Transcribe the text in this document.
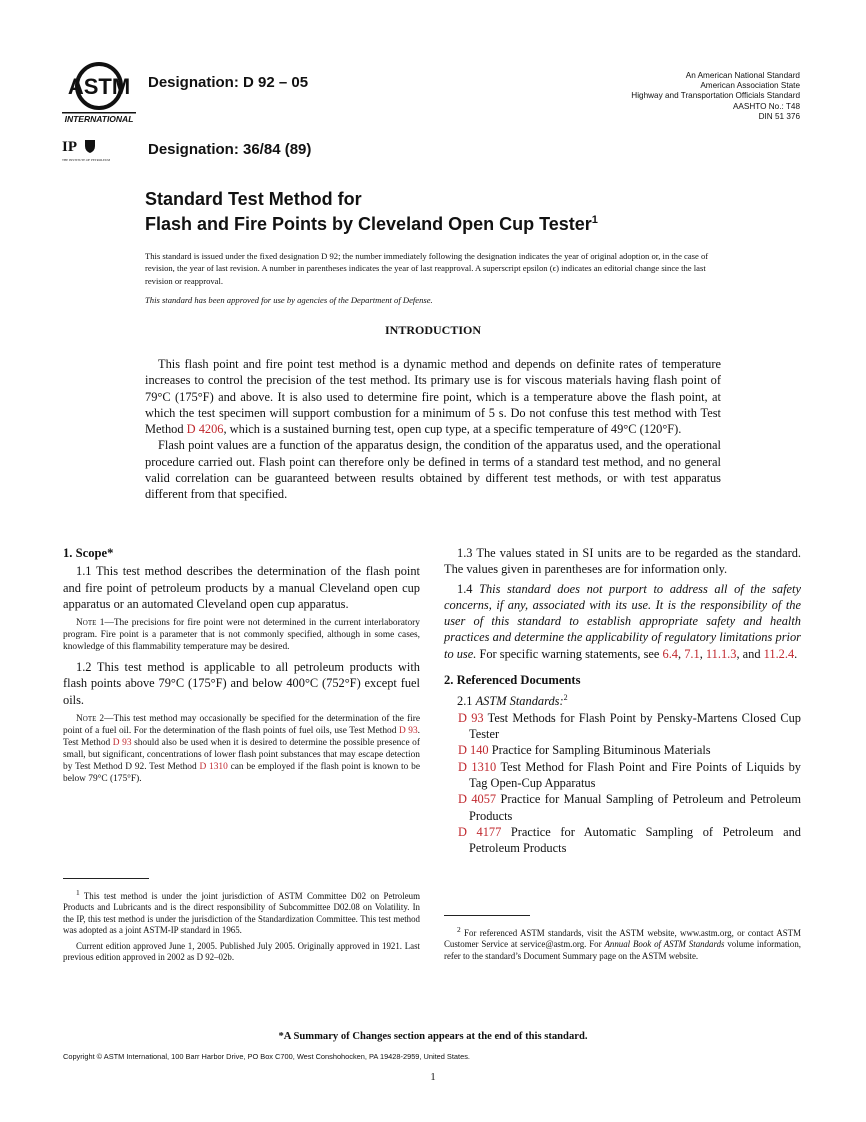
ASTM
INTERNATIONAL
IP
THE INSTITUTE OF PETROLEUM
Designation: D 92 – 05
Designation: 36/84 (89)
An American National Standard
American Association State
Highway and Transportation Officials Standard
AASHTO No.: T48
DIN 51 376
Standard Test Method for
Flash and Fire Points by Cleveland Open Cup Tester$^1$

This standard is issued under the fixed designation D 92; the number immediately following the designation indicates the year of original adoption or, in the case of revision, the year of last revision. A number in parentheses indicates the year of last reapproval. A superscript epsilon (ϵ) indicates an editorial change since the last revision or reapproval.

This standard has been approved for use by agencies of the Department of Defense.

INTRODUCTION

This flash point and fire point test method is a dynamic method and depends on definite rates of temperature increases to control the precision of the test method. Its primary use is for viscous materials having flash point of 79°C (175°F) and above. It is also used to determine fire point, which is a temperature above the flash point, at which the test specimen will support combustion for a minimum of 5 s. Do not confuse this test method with Test Method D 4206, which is a sustained burning test, open cup type, at a specific temperature of 49°C (120°F).

Flash point values are a function of the apparatus design, the condition of the apparatus used, and the operational procedure carried out. Flash point can therefore only be defined in terms of a standard test method, and no general valid correlation can be guaranteed between results obtained by different test methods, or with test apparatus different from that specified.

1. Scope*

1.1 This test method describes the determination of the flash point and fire point of petroleum products by a manual Cleveland open cup apparatus or an automated Cleveland open cup apparatus.

Note 1—The precisions for fire point were not determined in the current interlaboratory program. Fire point is a parameter that is not commonly specified, although in some cases, knowledge of this flammability temperature may be desired.

1.2 This test method is applicable to all petroleum products with flash points above 79°C (175°F) and below 400°C (752°F) except fuel oils.

Note 2—This test method may occasionally be specified for the determination of the fire point of a fuel oil. For the determination of the flash points of fuel oils, use Test Method D 93. Test Method D 93 should also be used when it is desired to determine the possible presence of small, but significant, concentrations of lower flash point substances that may escape detection by Test Method D 92. Test Method D 1310 can be employed if the flash point is known to be below 79°C (175°F).

1.3 The values stated in SI units are to be regarded as the standard. The values given in parentheses are for information only.

1.4 This standard does not purport to address all of the safety concerns, if any, associated with its use. It is the responsibility of the user of this standard to establish appropriate safety and health practices and determine the applicability of regulatory limitations prior to use. For specific warning statements, see 6.4, 7.1, 11.1.3, and 11.2.4.

2. Referenced Documents

2.1 ASTM Standards:$^2$

D 93 Test Methods for Flash Point by Pensky-Martens Closed Cup Tester

D 140 Practice for Sampling Bituminous Materials

D 1310 Test Method for Flash Point and Fire Points of Liquids by Tag Open-Cup Apparatus

D 4057 Practice for Manual Sampling of Petroleum and Petroleum Products

D 4177 Practice for Automatic Sampling of Petroleum and Petroleum Products

$^1$ This test method is under the joint jurisdiction of ASTM Committee D02 on Petroleum Products and Lubricants and is the direct responsibility of Subcommittee D02.08 on Volatility. In the IP, this test method is under the jurisdiction of the Standardization Committee. This test method was adopted as a joint ASTM-IP standard in 1965.

Current edition approved June 1, 2005. Published July 2005. Originally approved in 1921. Last previous edition approved in 2002 as D 92–02b.

$^2$ For referenced ASTM standards, visit the ASTM website, www.astm.org, or contact ASTM Customer Service at service@astm.org. For Annual Book of ASTM Standards volume information, refer to the standard’s Document Summary page on the ASTM website.

*A Summary of Changes section appears at the end of this standard.
Copyright © ASTM International, 100 Barr Harbor Drive, PO Box C700, West Conshohocken, PA 19428-2959, United States.
1
